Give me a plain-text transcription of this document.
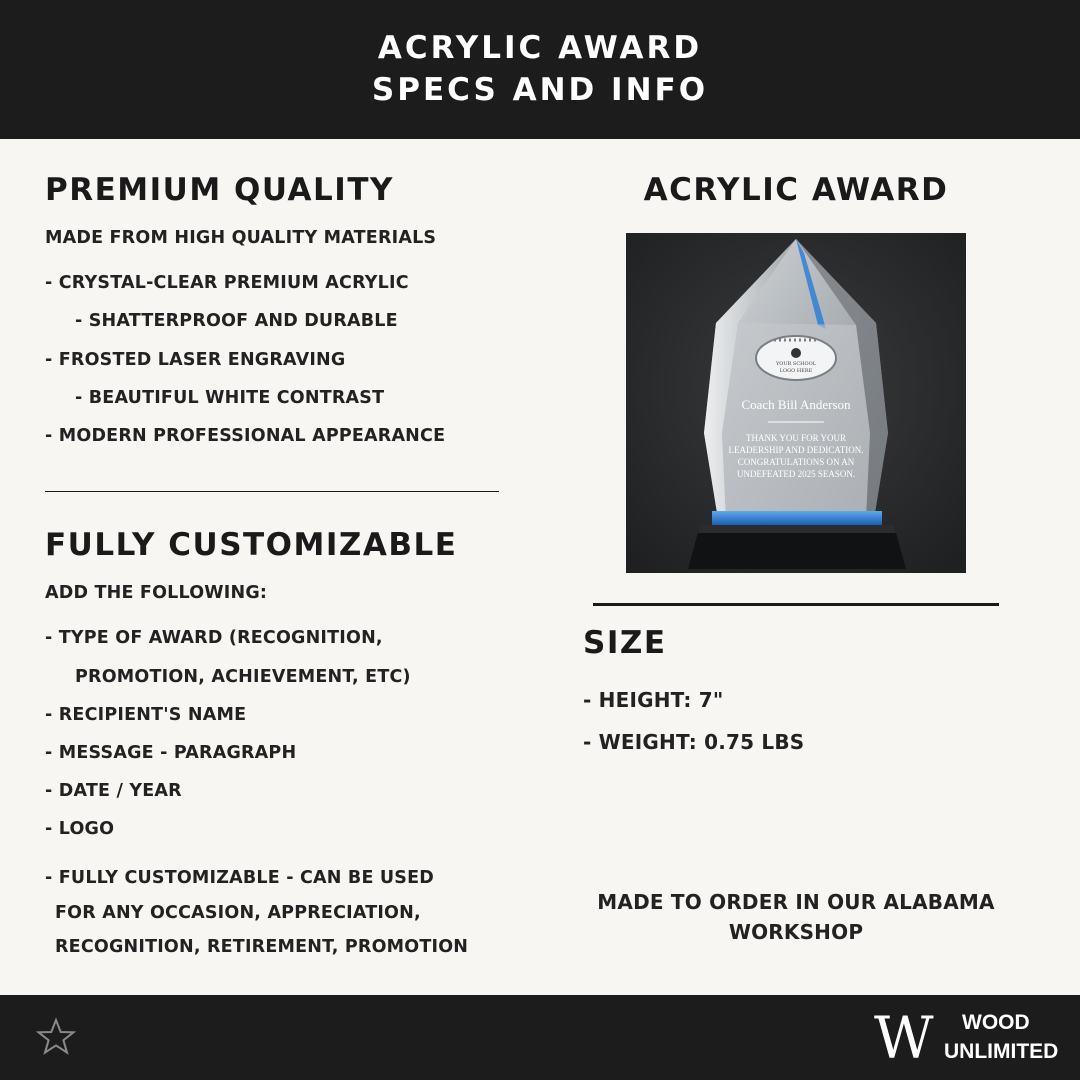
ACRYLIC AWARD
SPECS AND INFO
PREMIUM QUALITY
MADE FROM HIGH QUALITY MATERIALS
- CRYSTAL-CLEAR PREMIUM ACRYLIC
- SHATTERPROOF AND DURABLE
- FROSTED LASER ENGRAVING
- BEAUTIFUL WHITE CONTRAST
- MODERN PROFESSIONAL APPEARANCE
FULLY CUSTOMIZABLE
ADD THE FOLLOWING:
- TYPE OF AWARD (RECOGNITION,
PROMOTION, ACHIEVEMENT, ETC)
- RECIPIENT'S NAME
- MESSAGE - PARAGRAPH
- DATE / YEAR
- LOGO
- FULLY CUSTOMIZABLE - CAN BE USED
FOR ANY OCCASION, APPRECIATION,
RECOGNITION, RETIREMENT, PROMOTION
ACRYLIC AWARD
YOUR SCHOOL
LOGO HERE
Coach Bill Anderson
THANK YOU FOR YOUR
LEADERSHIP AND DEDICATION.
CONGRATULATIONS ON AN
UNDEFEATED 2025 SEASON.
SIZE
- HEIGHT: 7"
- WEIGHT: 0.75 LBS
MADE TO ORDER IN OUR ALABAMA
WORKSHOP
W WOOD
UNLIMITED
